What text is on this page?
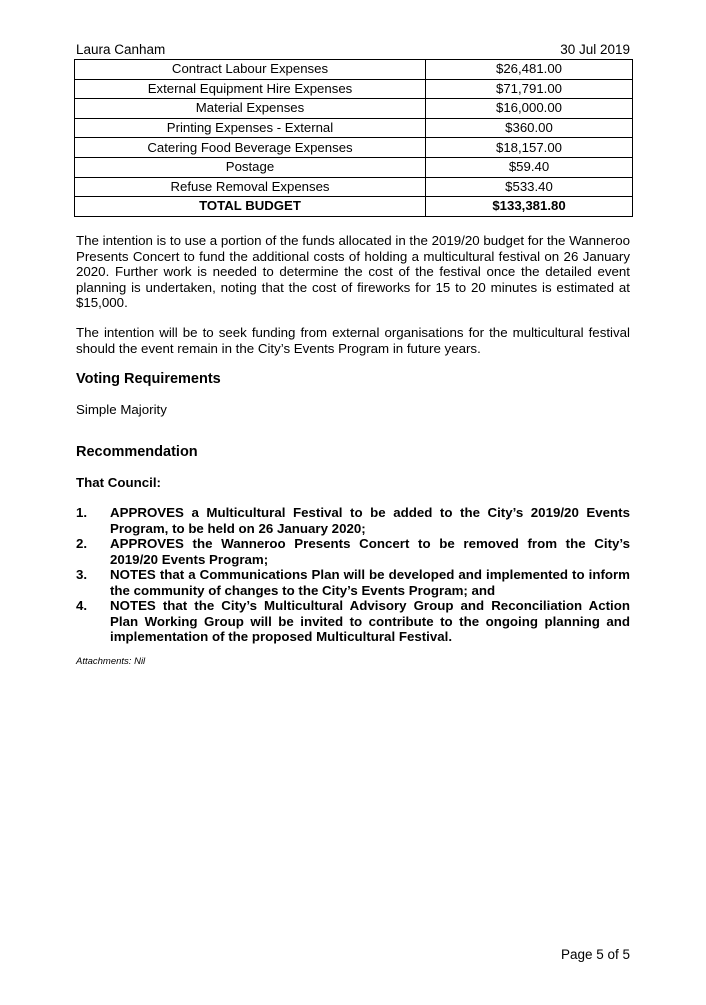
Laura Canham	30 Jul 2019
Contract Labour Expenses	$26,481.00
External Equipment Hire Expenses	$71,791.00
Material Expenses	$16,000.00
Printing Expenses - External	$360.00
Catering Food Beverage Expenses	$18,157.00
Postage	$59.40
Refuse Removal Expenses	$533.40
TOTAL BUDGET	$133,381.80

The intention is to use a portion of the funds allocated in the 2019/20 budget for the Wanneroo Presents Concert to fund the additional costs of holding a multicultural festival on 26 January 2020. Further work is needed to determine the cost of the festival once the detailed event planning is undertaken, noting that the cost of fireworks for 15 to 20 minutes is estimated at $15,000.

The intention will be to seek funding from external organisations for the multicultural festival should the event remain in the City’s Events Program in future years.

Voting Requirements
Simple Majority
Recommendation
That Council:
1.	APPROVES a Multicultural Festival to be added to the City’s 2019/20 Events Program, to be held on 26 January 2020;
2.	APPROVES the Wanneroo Presents Concert to be removed from the City’s 2019/20 Events Program;
3.	NOTES that a Communications Plan will be developed and implemented to inform the community of changes to the City’s Events Program; and
4.	NOTES that the City’s Multicultural Advisory Group and Reconciliation Action Plan Working Group will be invited to contribute to the ongoing planning and implementation of the proposed Multicultural Festival.
Attachments: Nil
Page 5 of 5
